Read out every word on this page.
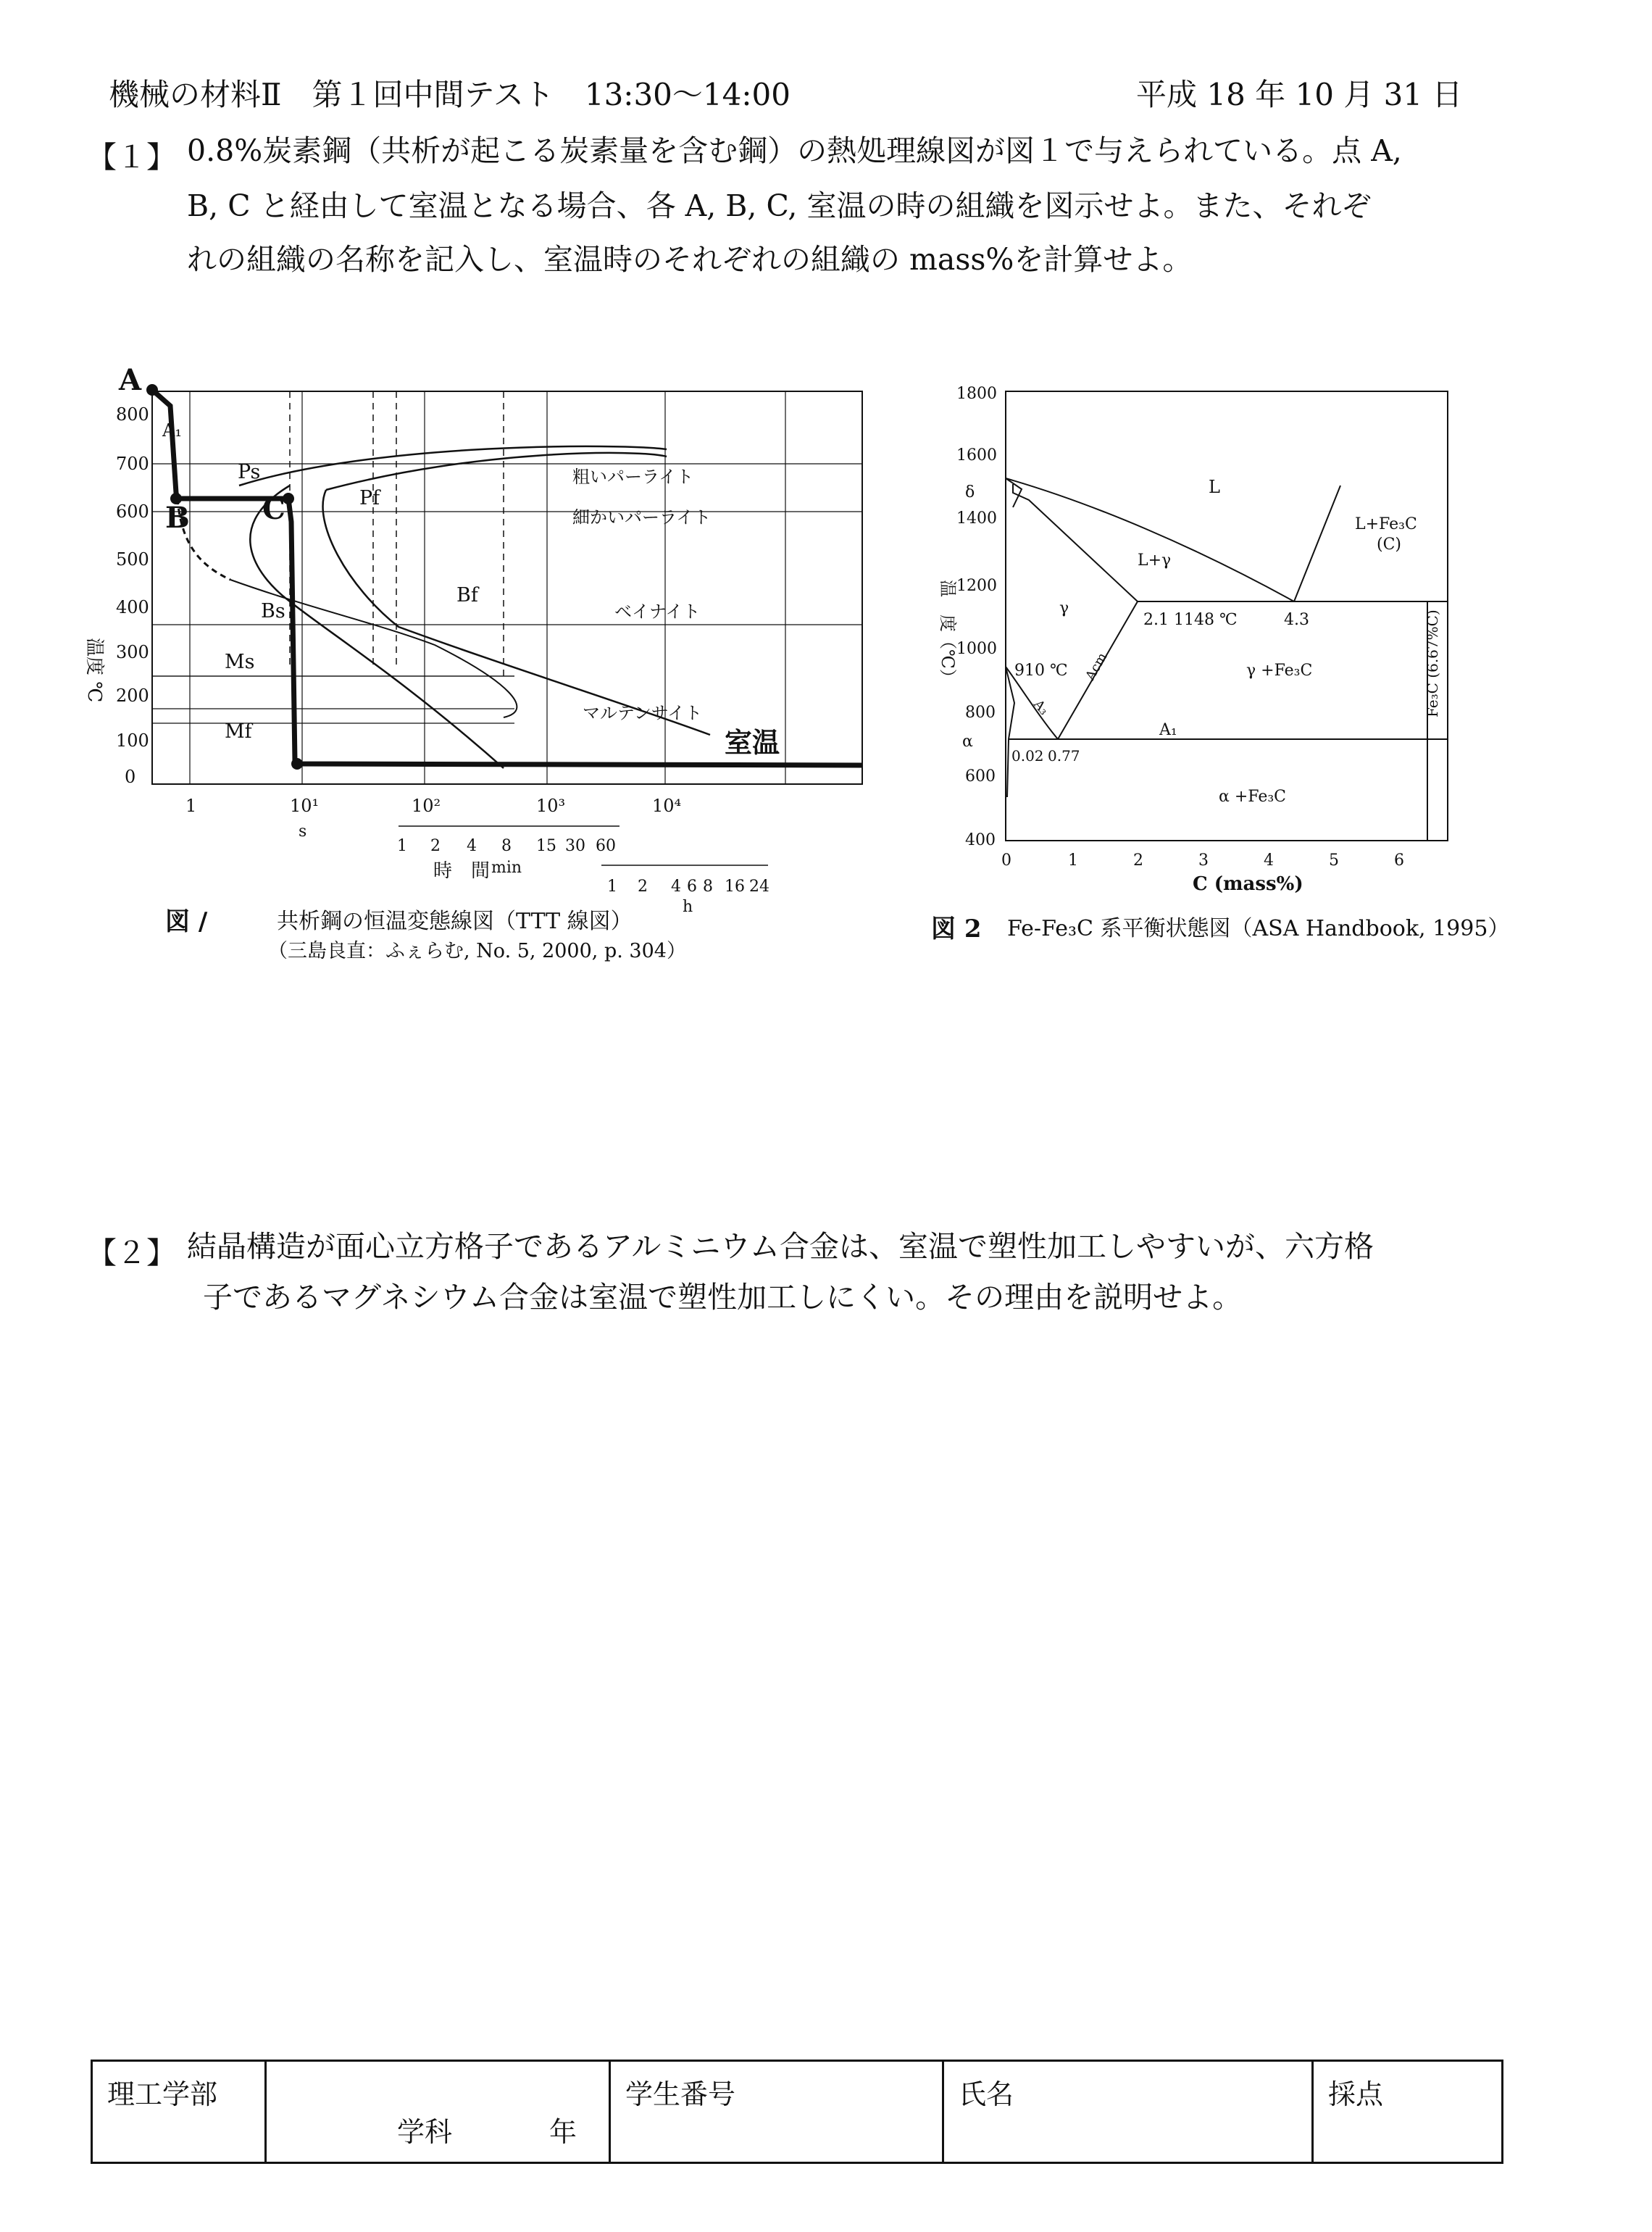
機械の材料Ⅱ　第１回中間テスト　13:30〜14:00	平成 18 年 10 月 31 日
【１】 0.8%炭素鋼（共析が起こる炭素量を含む鋼）の熱処理線図が図１で与えられている。点 A,
B, C と経由して室温となる場合、各 A, B, C, 室温の時の組織を図示せよ。また、それぞ
れの組織の名称を記入し、室温時のそれぞれの組織の mass%を計算せよ。
A
B	C
室温
800
700
600
500
400
300
200
100
0
温度 ℃
A₁
Ps
Pf
Bs
Bf
Ms
Mf
粗いパーライト
細かいパーライト
ベイナイト
マルテンサイト
1	10¹	10²	10³	10⁴
s
1 2 4 8 15 30 60
min
1 2 4 6 8 16 24
h
時　間
図 /	共析鋼の恒温変態線図（TTT 線図）
（三島良直：ふぇらむ, No. 5, 2000, p. 304）
1800
1600
1400
1200
1000
800
600
400
温　度（℃）
0	1	2	3	4	5	6
C (mass%)
L
L+Fe₃C
(C)
L+γ
γ
2.1 1148 ℃	4.3
910 ℃	γ +Fe₃C
A₁
α +Fe₃C
0.02 0.77
δ
α
Acm
A₃	Fe₃C (6.67%C)
図 2 Fe-Fe₃C 系平衡状態図（ASA Handbook, 1995）
【２】 結晶構造が面心立方格子であるアルミニウム合金は、室温で塑性加工しやすいが、六方格
子であるマグネシウム合金は室温で塑性加工しにくい。その理由を説明せよ。
理工学部
学科	年
学生番号	氏名	採点
